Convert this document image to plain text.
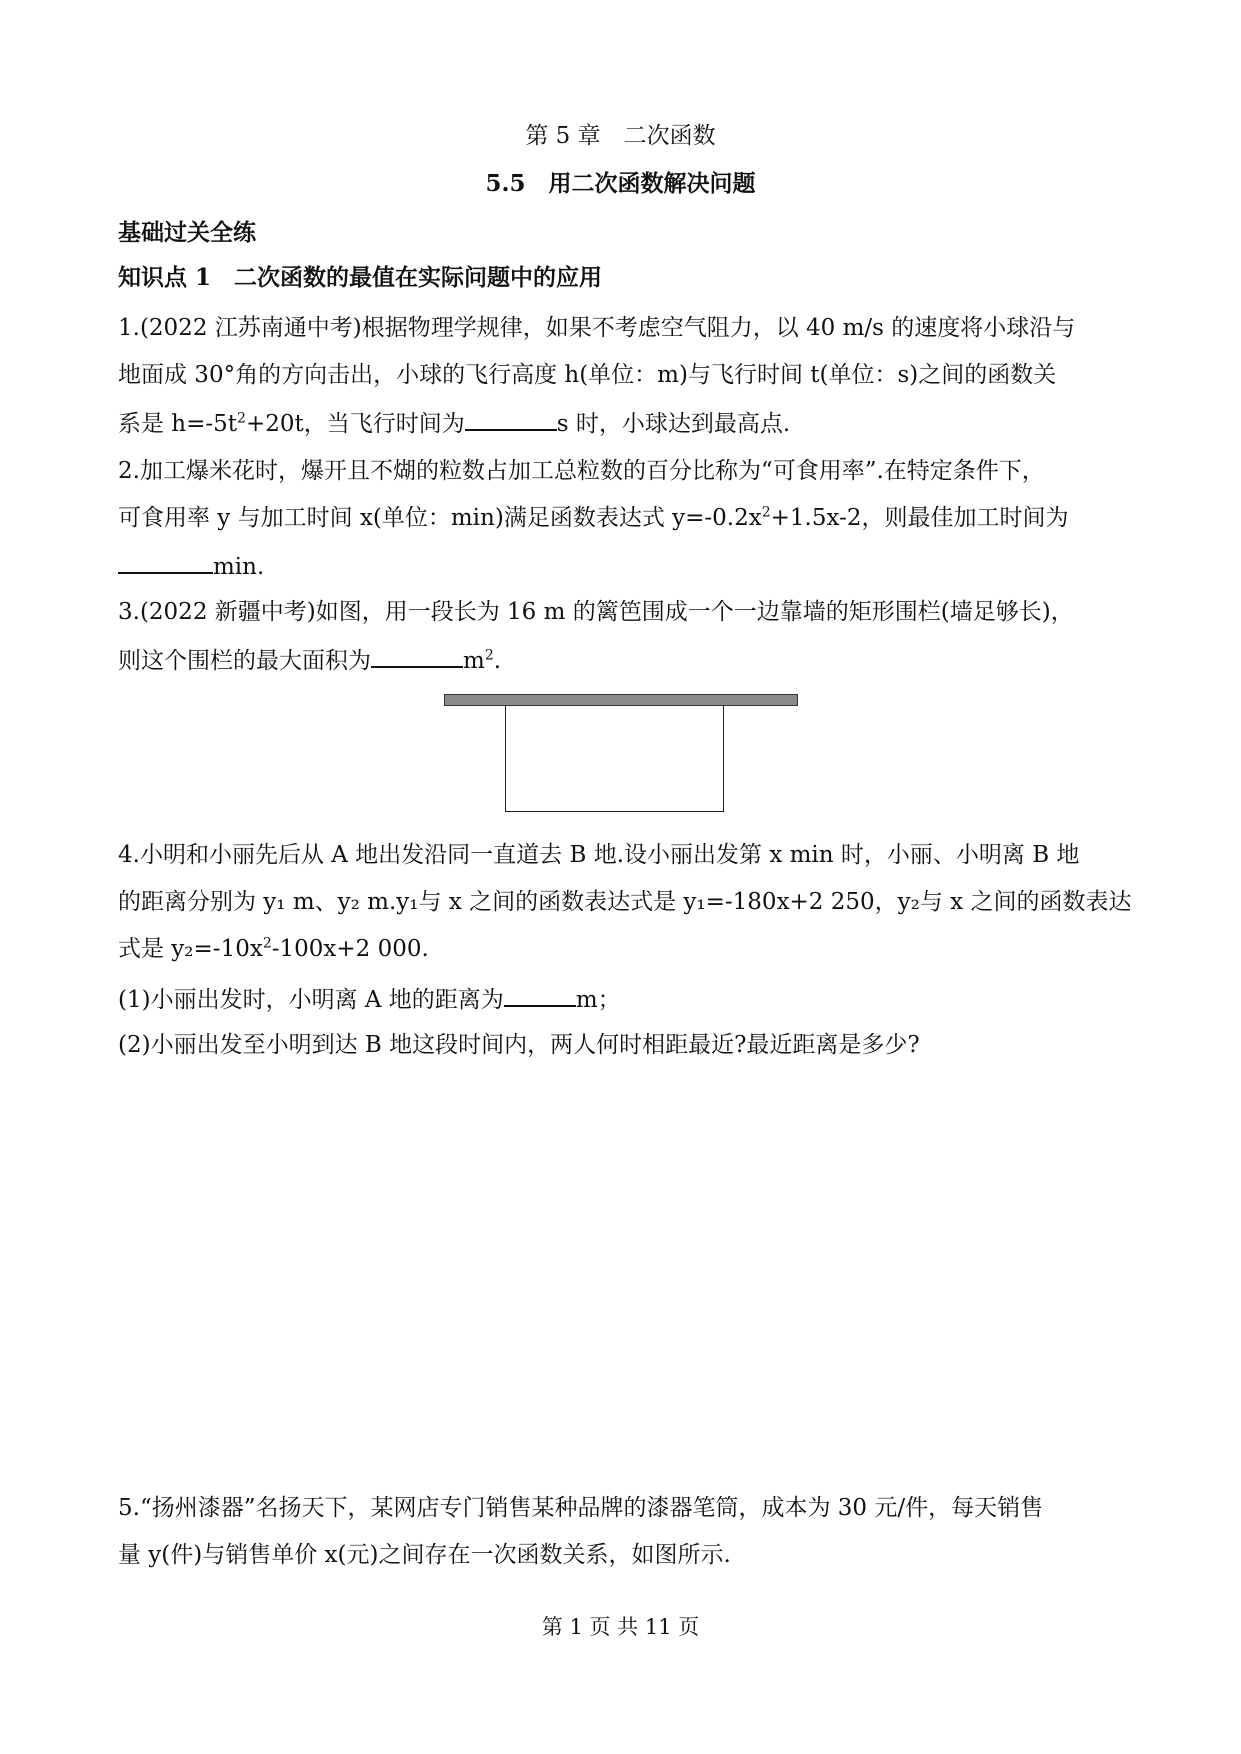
第 5 章　二次函数
5.5　用二次函数解决问题
基础过关全练
知识点 1　二次函数的最值在实际问题中的应用
1.(2022 江苏南通中考)根据物理学规律，如果不考虑空气阻力，以 40 m/s 的速度将小球沿与
地面成 30°角的方向击出，小球的飞行高度 h(单位：m)与飞行时间 t(单位：s)之间的函数关
系是 $h=-5t^2+20t$，当飞行时间为	s 时，小球达到最高点.
2.加工爆米花时，爆开且不煳的粒数占加工总粒数的百分比称为“可食用率”.在特定条件下，
可食用率 y 与加工时间 x(单位：min)满足函数表达式 $y=-0.2x^2+1.5x-2$，则最佳加工时间为
min.
3.(2022 新疆中考)如图，用一段长为 16 m 的篱笆围成一个一边靠墙的矩形围栏(墙足够长)，
则这个围栏的最大面积为	$m^2$.
4.小明和小丽先后从 A 地出发沿同一直道去 B 地.设小丽出发第 x min 时，小丽、小明离 B 地
的距离分别为 y₁ m、y₂ m.y₁与 x 之间的函数表达式是 y₁=-180x+2 250，y₂与 x 之间的函数表达
式是 $y_2=-10x^2-100x+2$ 000.
(1)小丽出发时，小明离 A 地的距离为	m；
(2)小丽出发至小明到达 B 地这段时间内，两人何时相距最近?最近距离是多少?
5.“扬州漆器”名扬天下，某网店专门销售某种品牌的漆器笔筒，成本为 30 元/件，每天销售
量 y(件)与销售单价 x(元)之间存在一次函数关系，如图所示.
第 1 页 共 11 页
